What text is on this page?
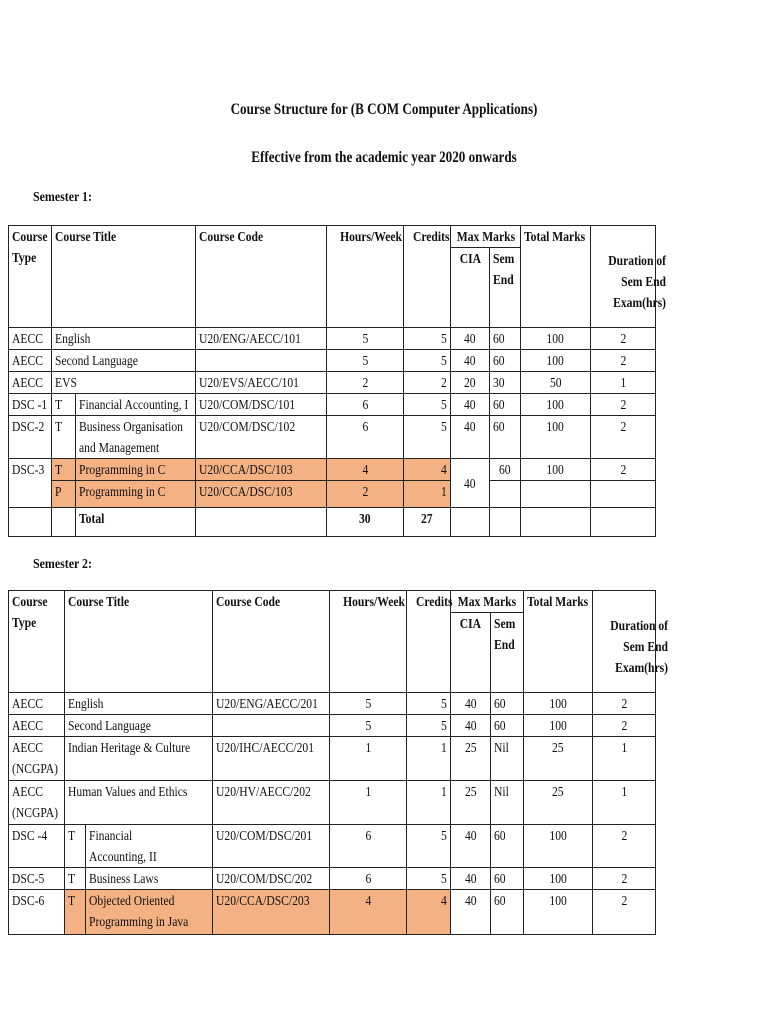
Course Structure for (B COM Computer Applications)
Effective from the academic year 2020 onwards
Semester 1:
Course Type	Course Title		Course Code	Hours/Week	Credits	Max Marks		Total Marks	Duration of Sem End Exam(hrs)
						CIA	Sem End		
AECC	English		U20/ENG/AECC/101	5	5	40	60	100	2
AECC	Second Language			5	5	40	60	100	2
AECC	EVS		U20/EVS/AECC/101	2	2	20	30	50	1
DSC -1	T	Financial Accounting, I	U20/COM/DSC/101	6	5	40	60	100	2
DSC-2	T	Business Organisation and Management	U20/COM/DSC/102	6	5	40	60	100	2
DSC-3	T	Programming in C	U20/CCA/DSC/103	4	4	40	60	100	2
	P	Programming in C	U20/CCA/DSC/103	2	1				
		Total		30	27				
Semester 2:
Course Type	Course Title		Course Code	Hours/Week	Credits	Max Marks		Total Marks	Duration of Sem End Exam(hrs)
						CIA	Sem End		
AECC	English		U20/ENG/AECC/201	5	5	40	60	100	2
AECC	Second Language			5	5	40	60	100	2
AECC (NCGPA)	Indian Heritage & Culture		U20/IHC/AECC/201	1	1	25	Nil	25	1
AECC (NCGPA)	Human Values and Ethics		U20/HV/AECC/202	1	1	25	Nil	25	1
DSC -4	T	Financial Accounting, II	U20/COM/DSC/201	6	5	40	60	100	2
DSC-5	T	Business Laws	U20/COM/DSC/202	6	5	40	60	100	2
DSC-6	T	Objected Oriented Programming in Java	U20/CCA/DSC/203	4	4	40	60	100	2
